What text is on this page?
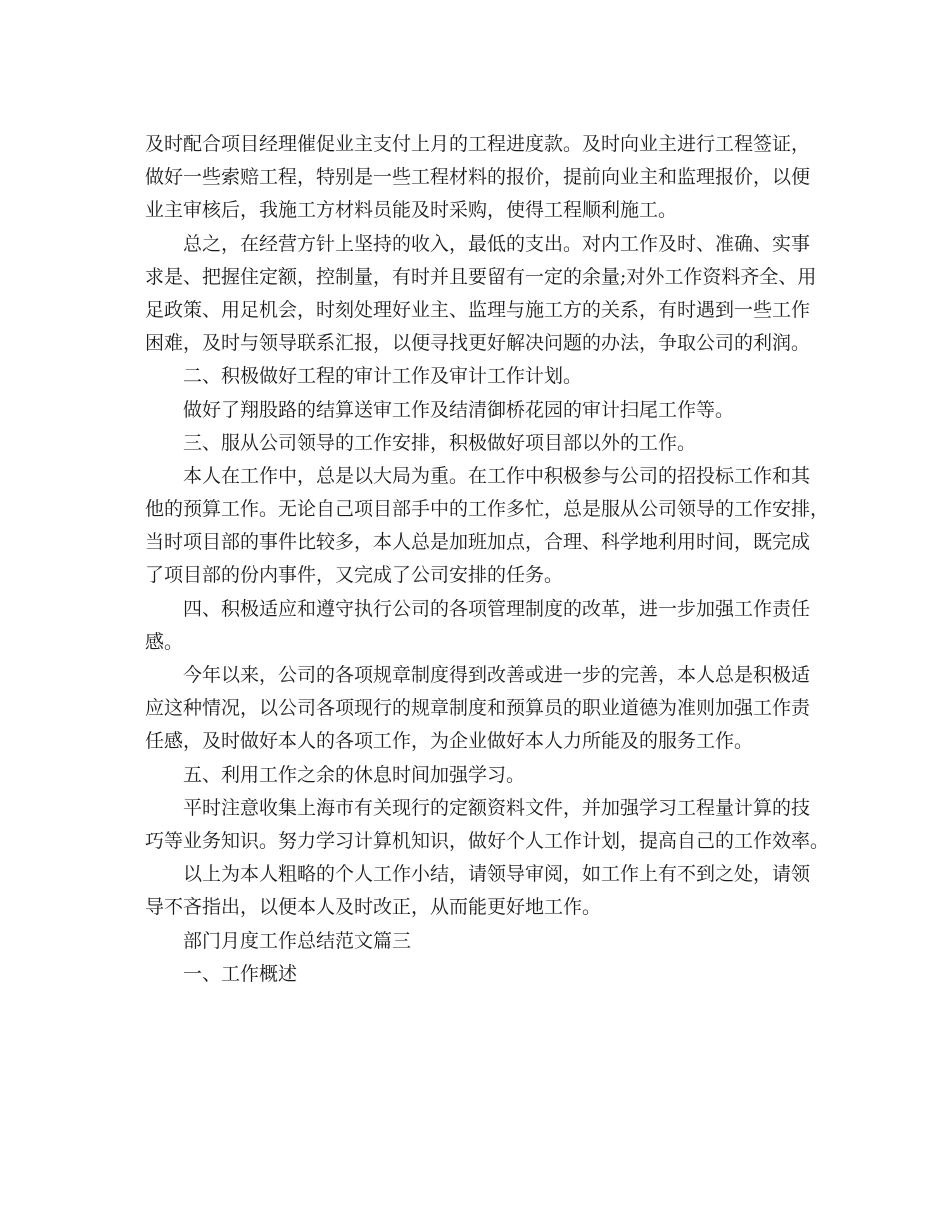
及时配合项目经理催促业主支付上月的工程进度款。及时向业主进行工程签证，
做好一些索赔工程，特别是一些工程材料的报价，提前向业主和监理报价，以便
业主审核后，我施工方材料员能及时采购，使得工程顺利施工。
总之，在经营方针上坚持的收入，最低的支出。对内工作及时、准确、实事
求是、把握住定额，控制量，有时并且要留有一定的余量;对外工作资料齐全、用
足政策、用足机会，时刻处理好业主、监理与施工方的关系，有时遇到一些工作
困难，及时与领导联系汇报，以便寻找更好解决问题的办法，争取公司的利润。
二、积极做好工程的审计工作及审计工作计划。
做好了翔股路的结算送审工作及结清御桥花园的审计扫尾工作等。
三、服从公司领导的工作安排，积极做好项目部以外的工作。
本人在工作中，总是以大局为重。在工作中积极参与公司的招投标工作和其
他的预算工作。无论自己项目部手中的工作多忙，总是服从公司领导的工作安排，
当时项目部的事件比较多，本人总是加班加点，合理、科学地利用时间，既完成
了项目部的份内事件，又完成了公司安排的任务。
四、积极适应和遵守执行公司的各项管理制度的改革，进一步加强工作责任
感。
今年以来，公司的各项规章制度得到改善或进一步的完善，本人总是积极适
应这种情况，以公司各项现行的规章制度和预算员的职业道德为准则加强工作责
任感，及时做好本人的各项工作，为企业做好本人力所能及的服务工作。
五、利用工作之余的休息时间加强学习。
平时注意收集上海市有关现行的定额资料文件，并加强学习工程量计算的技
巧等业务知识。努力学习计算机知识，做好个人工作计划，提高自己的工作效率。
以上为本人粗略的个人工作小结，请领导审阅，如工作上有不到之处，请领
导不吝指出，以便本人及时改正，从而能更好地工作。
部门月度工作总结范文篇三
一、工作概述
